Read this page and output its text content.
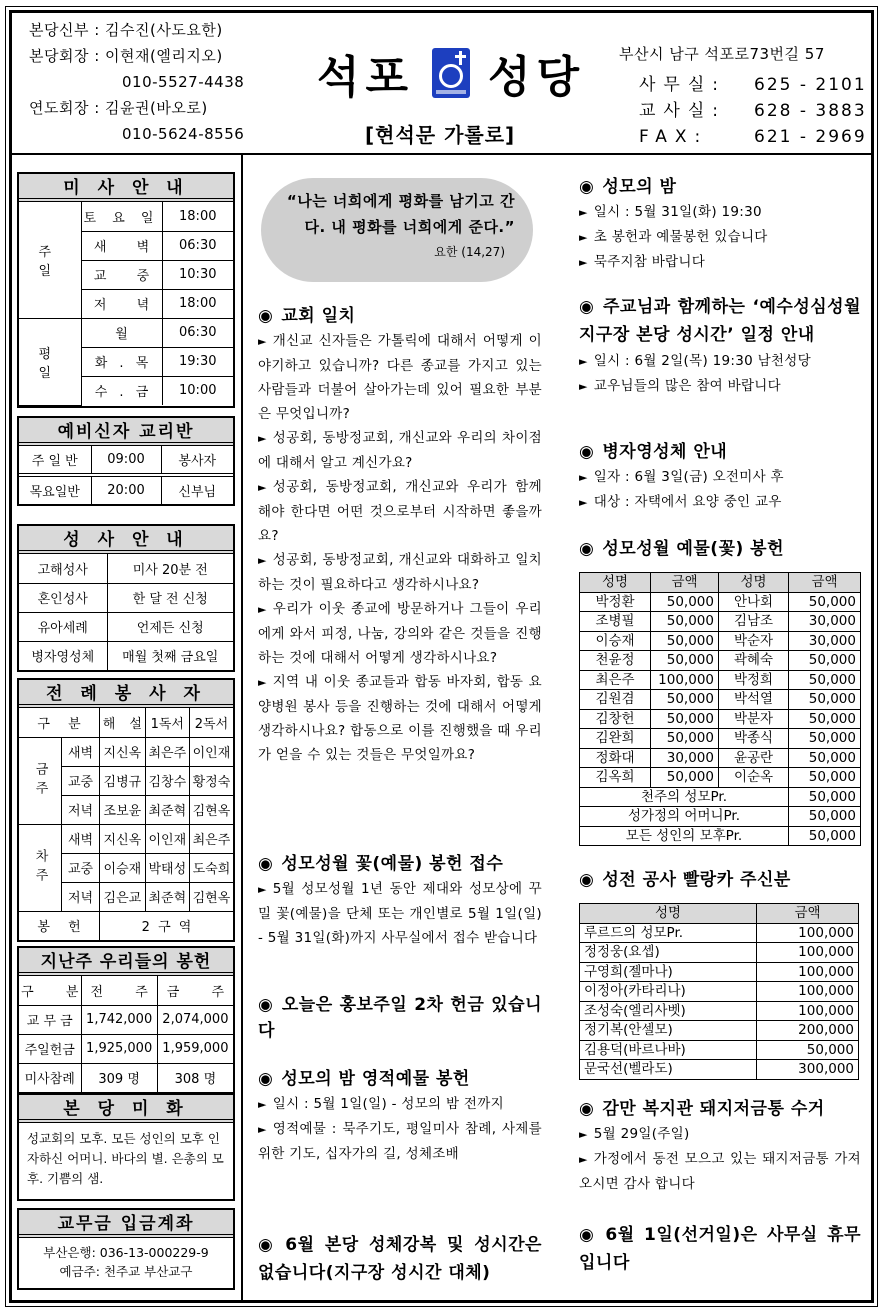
본당신부 : 김수진(사도요한)
본당회장 : 이현재(엘리지오)
010-5527-4438
연도회장 : 김윤권(바오로)
010-5624-8556
석포 성당
[현석문 가롤로]
부산시 남구 석포로73번길 57
사무실:	625 - 2101
교사실:	628 - 3883
FAX:	621 - 2969
미 사 안 내
주 일	토 요 일	18:00
	새 벽	06:30
	교 중	10:30
	저 녁	18:00
평 일	월	06:30
	화 . 목	19:30
	수 . 금	10:00
예비신자 교리반
주 일 반	09:00	봉사자
목요일반	20:00	신부님
성 사 안 내
고해성사	미사 20분 전
혼인성사	한 달 전 신청
유아세례	언제든 신청
병자영성체	매월 첫째 금요일
전 례 봉 사 자
구 분		해 설	1독서	2독서
금주	새벽	지신옥	최은주	이인재
	교중	김병규	김창수	황정숙
	저녁	조보윤	최준혁	김현옥
차주	새벽	지신옥	이인재	최은주
	교중	이승재	박태성	도숙희
	저녁	김은교	최준혁	김현옥
봉 헌		2 구 역		
지난주 우리들의 봉헌
구 분	전 주	금 주
교 무 금	1,742,000	2,074,000
주일헌금	1,925,000	1,959,000
미사참례	309 명	308 명
본 당 미 화
성교회의 모후. 모든 성인의 모후 인자하신 어머니. 바다의 별. 은총의 모후. 기쁨의 샘.
교무금 입금계좌
부산은행: 036-13-000229-9
예금주: 천주교 부산교구
“나는 너희에게 평화를 남기고 간다. 내 평화를 너희에게 준다.”
요한 (14,27)
◉ 교회 일치
► 개신교 신자들은 가톨릭에 대해서 어떻게 이야기하고 있습니까? 다른 종교를 가지고 있는 사람들과 더불어 살아가는데 있어 필요한 부분은 무엇입니까?
► 성공회, 동방정교회, 개신교와 우리의 차이점에 대해서 알고 계신가요?
► 성공회, 동방정교회, 개신교와 우리가 함께 해야 한다면 어떤 것으로부터 시작하면 좋을까요?
► 성공회, 동방정교회, 개신교와 대화하고 일치하는 것이 필요하다고 생각하시나요?
► 우리가 이웃 종교에 방문하거나 그들이 우리에게 와서 피정, 나눔, 강의와 같은 것들을 진행하는 것에 대해서 어떻게 생각하시나요?
► 지역 내 이웃 종교들과 합동 바자회, 합동 요양병원 봉사 등을 진행하는 것에 대해서 어떻게 생각하시나요? 합동으로 이를 진행했을 때 우리가 얻을 수 있는 것들은 무엇일까요?
◉ 성모성월 꽃(예물) 봉헌 접수
► 5월 성모성월 1년 동안 제대와 성모상에 꾸밀 꽃(예물)을 단체 또는 개인별로 5월 1일(일) - 5월 31일(화)까지 사무실에서 접수 받습니다
◉ 오늘은 홍보주일 2차 헌금 있습니다
◉ 성모의 밤 영적예물 봉헌
► 일시 : 5월 1일(일) - 성모의 밤 전까지
► 영적예물 : 묵주기도, 평일미사 참례, 사제를 위한 기도, 십자가의 길, 성체조배
◉ 6월 본당 성체강복 및 성시간은 없습니다(지구장 성시간 대체)
◉ 성모의 밤
► 일시 : 5월 31일(화) 19:30
► 초 봉헌과 예물봉헌 있습니다
► 묵주지참 바랍니다
◉ 주교님과 함께하는 ‘예수성심성월 지구장 본당 성시간’ 일정 안내
► 일시 : 6월 2일(목) 19:30 남천성당
► 교우님들의 많은 참여 바랍니다
◉ 병자영성체 안내
► 일자 : 6월 3일(금) 오전미사 후
► 대상 : 자택에서 요양 중인 교우
◉ 성모성월 예물(꽃) 봉헌
성명	금액	성명	금액
박정환	50,000	안나회	50,000
조병필	50,000	김남조	30,000
이승재	50,000	박순자	30,000
천윤정	50,000	곽혜숙	50,000
최은주	100,000	박정희	50,000
김원겸	50,000	박석열	50,000
김창헌	50,000	박분자	50,000
김완희	50,000	박종식	50,000
정화대	30,000	윤공란	50,000
김옥희	50,000	이순옥	50,000
천주의 성모Pr.			50,000
성가정의 어머니Pr.			50,000
모든 성인의 모후Pr.			50,000
◉ 성전 공사 빨랑카 주신분
성명	금액
루르드의 성모Pr.	100,000
정정웅(요셉)	100,000
구영희(젤마나)	100,000
이정아(카타리나)	100,000
조성숙(엘리사벳)	100,000
정기복(안셀모)	200,000
김용덕(바르나바)	50,000
문국선(벨라도)	300,000
◉ 감만 복지관 돼지저금통 수거
► 5월 29일(주일)
► 가정에서 동전 모으고 있는 돼지저금통 가져오시면 감사 합니다
◉ 6월 1일(선거일)은 사무실 휴무입니다
